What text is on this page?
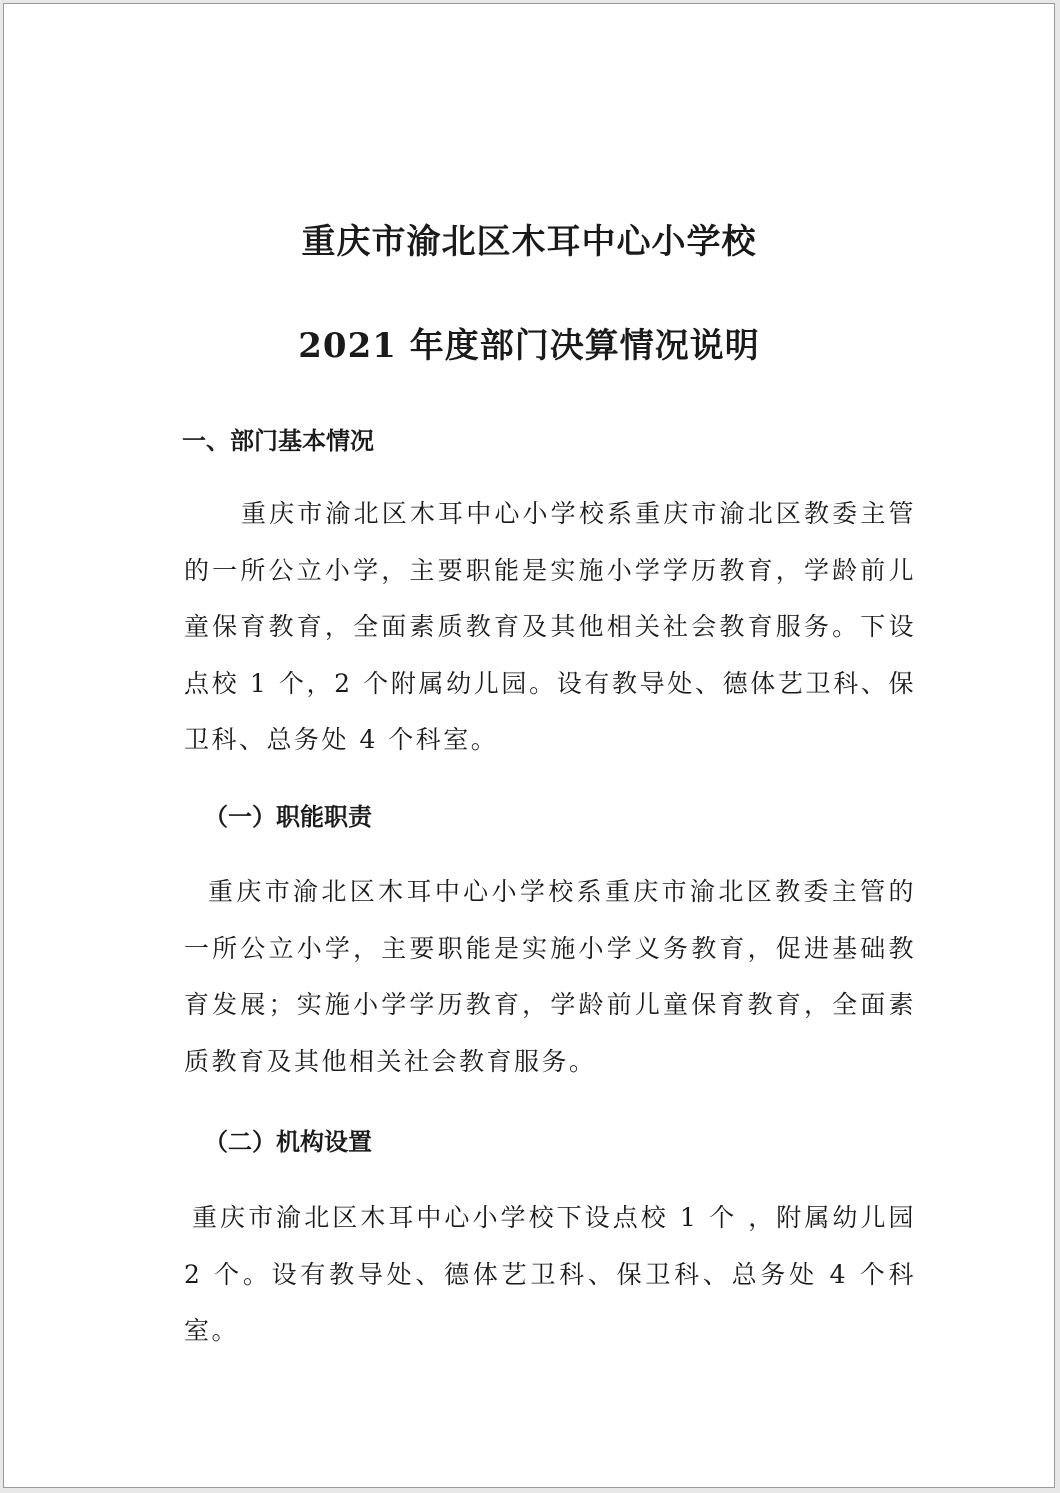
重庆市渝北区木耳中心小学校
2021 年度部门决算情况说明
一、部门基本情况

重庆市渝北区木耳中心小学校系重庆市渝北区教委主管的一所公立小学，主要职能是实施小学学历教育，学龄前儿童保育教育，全面素质教育及其他相关社会教育服务。下设点校 1 个，2 个附属幼儿园。设有教导处、德体艺卫科、保卫科、总务处 4 个科室。

（一）职能职责

重庆市渝北区木耳中心小学校系重庆市渝北区教委主管的一所公立小学，主要职能是实施小学义务教育，促进基础教育发展；实施小学学历教育，学龄前儿童保育教育，全面素质教育及其他相关社会教育服务。

（二）机构设置

重庆市渝北区木耳中心小学校下设点校 1 个 ，附属幼儿园 2 个。设有教导处、德体艺卫科、保卫科、总务处 4 个科室。
